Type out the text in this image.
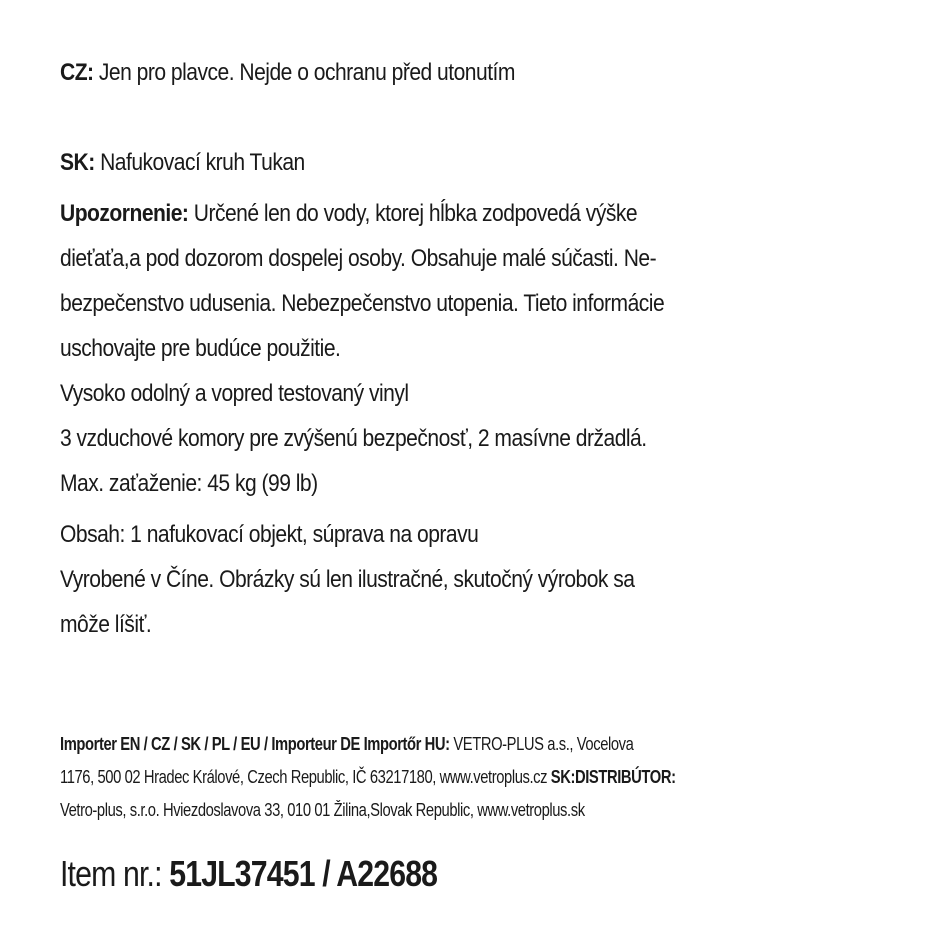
CZ: Jen pro plavce. Nejde o ochranu před utonutím
SK: Nafukovací kruh Tukan
Upozornenie: Určené len do vody, ktorej hĺbka zodpovedá výške
dieťaťa,a pod dozorom dospelej osoby. Obsahuje malé súčasti. Ne-
bezpečenstvo udusenia. Nebezpečenstvo utopenia. Tieto informácie
uschovajte pre budúce použitie.
Vysoko odolný a vopred testovaný vinyl
3 vzduchové komory pre zvýšenú bezpečnosť, 2 masívne držadlá.
Max. zaťaženie: 45 kg (99 lb)
Obsah: 1 nafukovací objekt, súprava na opravu
Vyrobené v Číne. Obrázky sú len ilustračné, skutočný výrobok sa
môže líšiť.
Importer EN / CZ / SK / PL / EU / Importeur DE Importőr HU: VETRO-PLUS a.s., Vocelova
1176, 500 02 Hradec Králové, Czech Republic, IČ 63217180, www.vetroplus.cz SK:DISTRIBÚTOR:
Vetro-plus, s.r.o. Hviezdoslavova 33, 010 01 Žilina,Slovak Republic, www.vetroplus.sk
Item nr.: 51JL37451 / A22688
